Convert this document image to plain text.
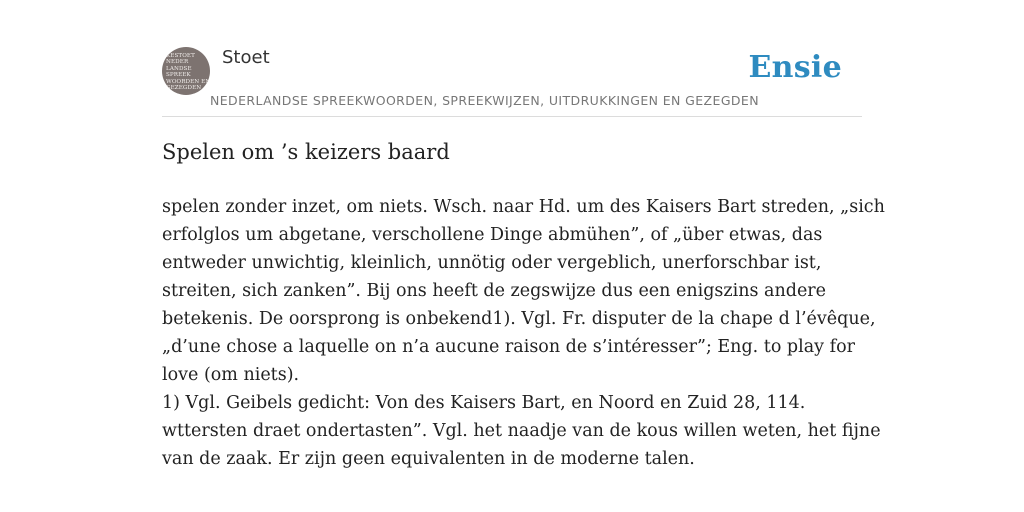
KESTOET
NEDER
LANDSE
SPREEK
WOORDEN EN
GEZEGDEN
Stoet	Ensie
NEDERLANDSE SPREEKWOORDEN, SPREEKWIJZEN, UITDRUKKINGEN EN GEZEGDEN
Spelen om ’s keizers baard
spelen zonder inzet, om niets. Wsch. naar Hd. um des Kaisers Bart streden, „sich
erfolglos um abgetane, verschollene Dinge abmühen”, of „über etwas, das
entweder unwichtig, kleinlich, unnötig oder vergeblich, unerforschbar ist,
streiten, sich zanken”. Bij ons heeft de zegswijze dus een enigszins andere
betekenis. De oorsprong is onbekend1). Vgl. Fr. disputer de la chape d l’évêque,
„d’une chose a laquelle on n’a aucune raison de s’intéresser”; Eng. to play for
love (om niets).
1) Vgl. Geibels gedicht: Von des Kaisers Bart, en Noord en Zuid 28, 114.
wttersten draet ondertasten”. Vgl. het naadje van de kous willen weten, het fijne
van de zaak. Er zijn geen equivalenten in de moderne talen.
